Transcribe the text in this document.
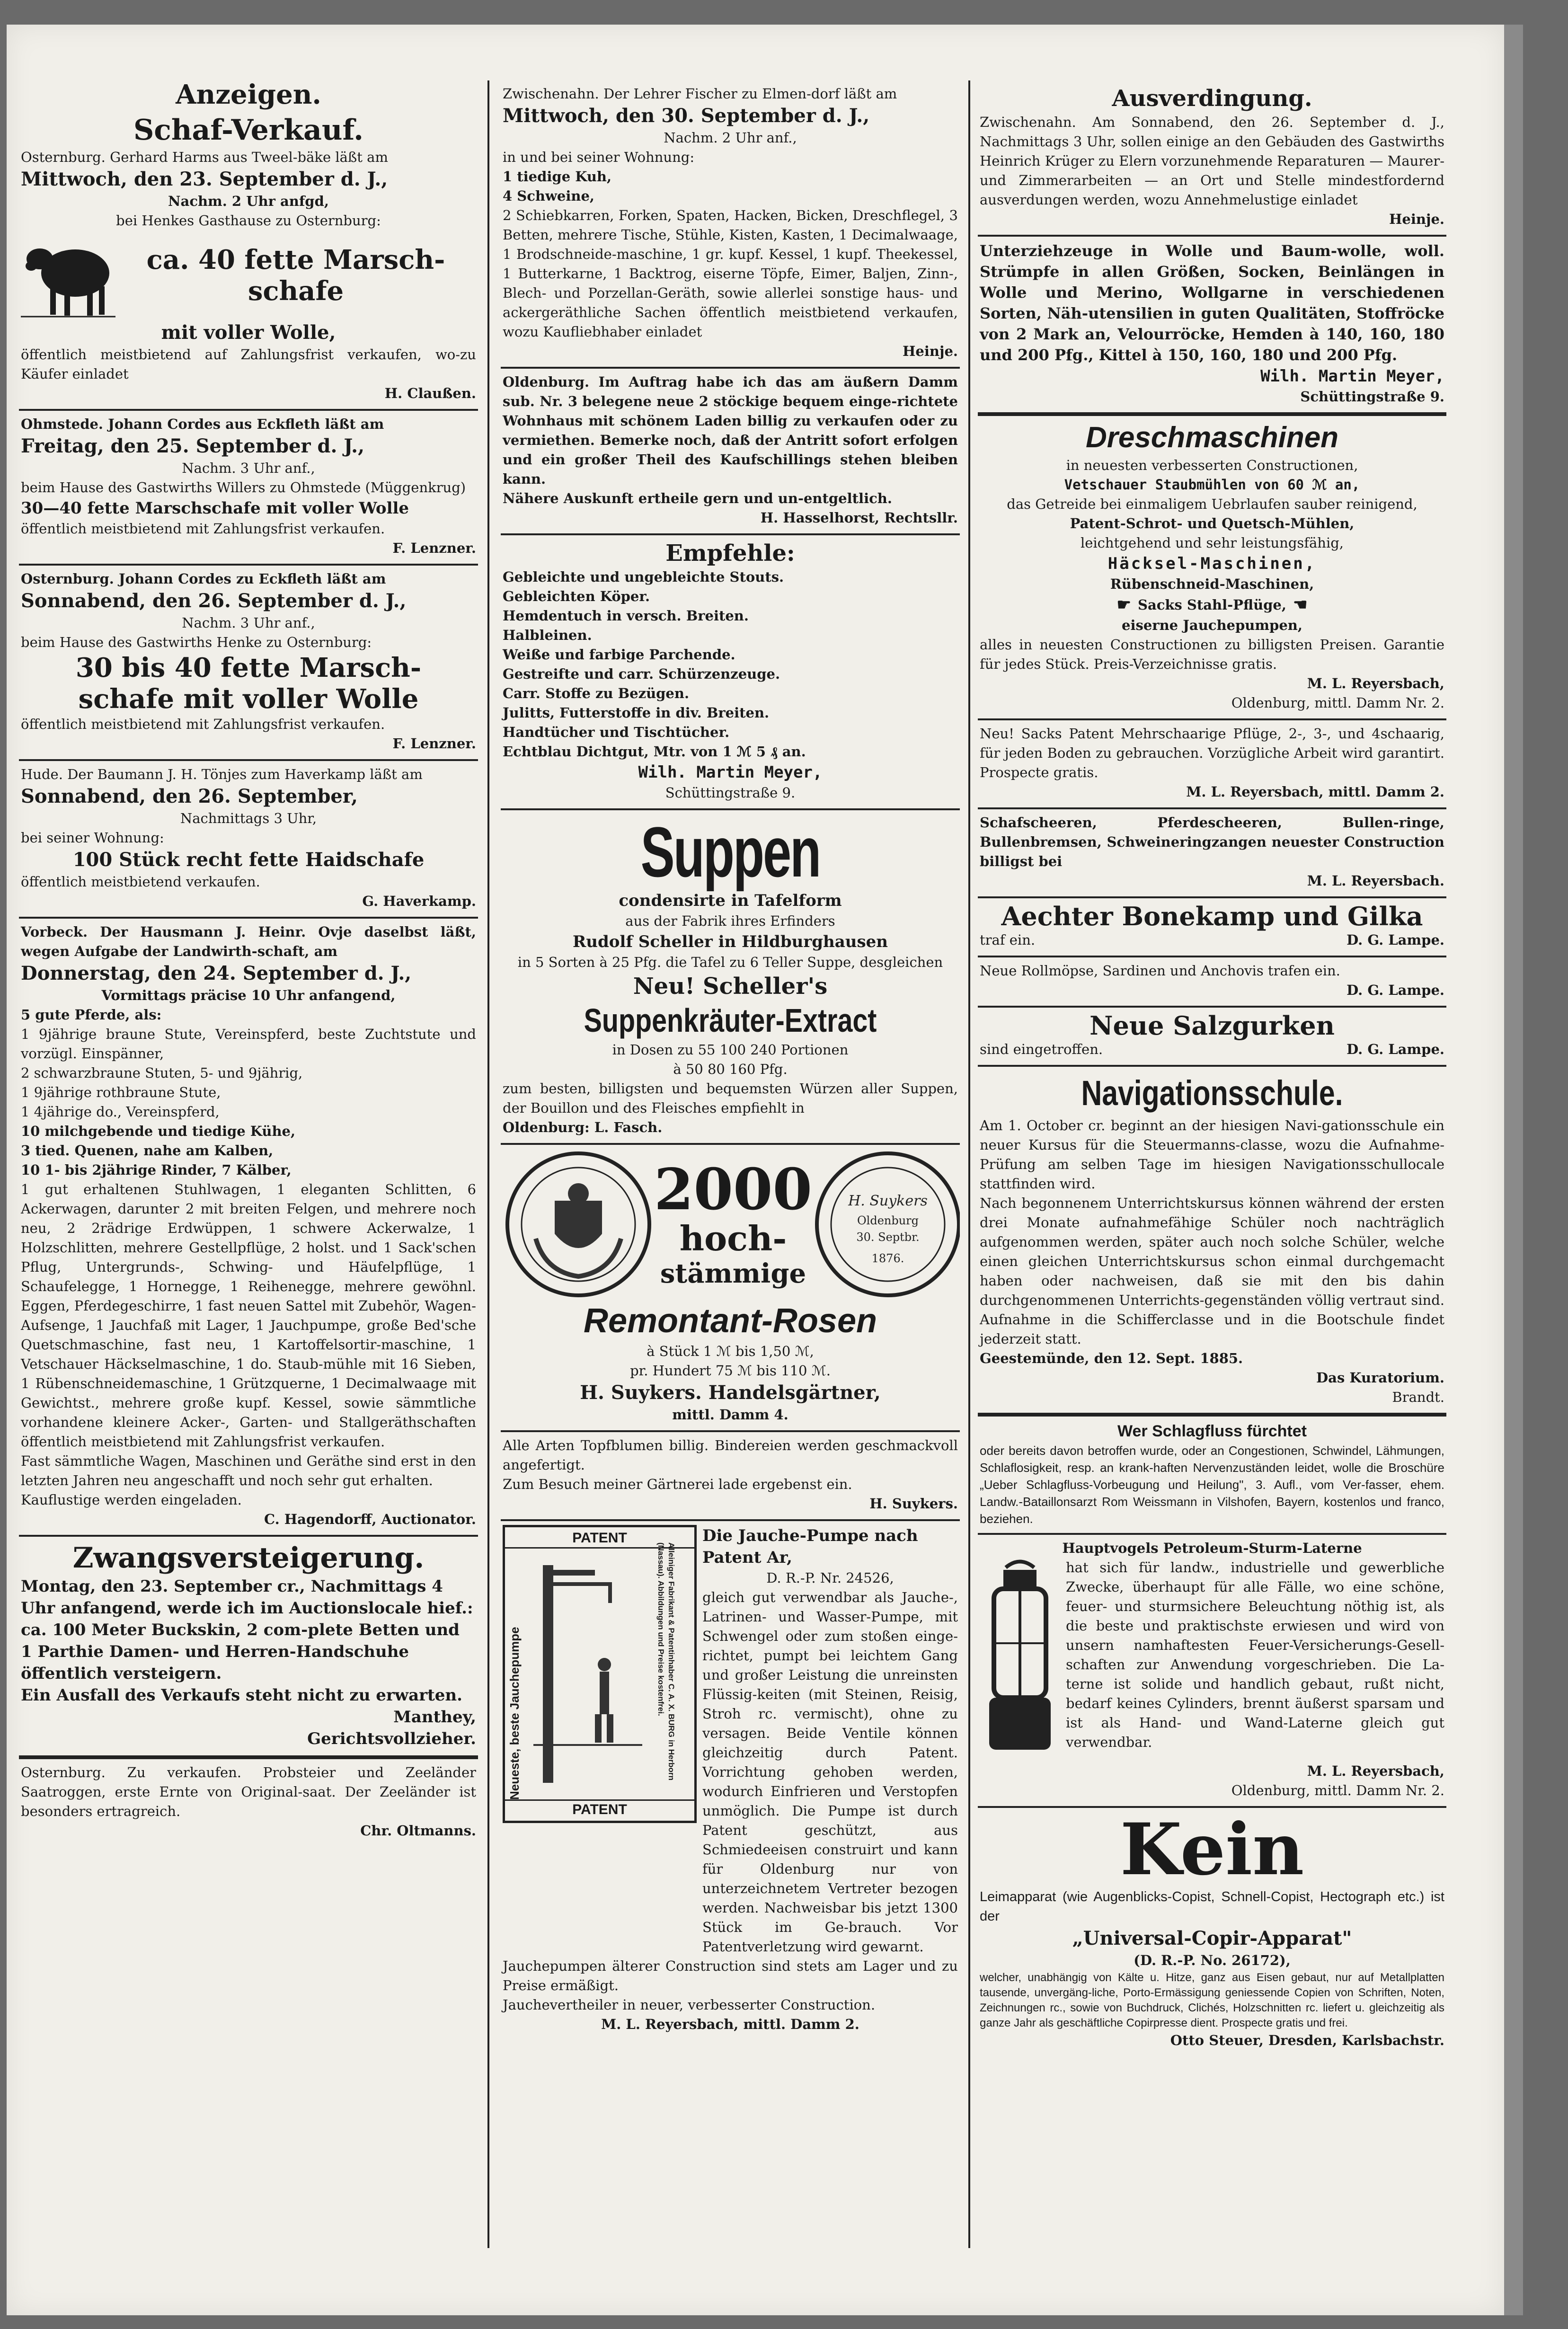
Anzeigen.

Schaf-Verkauf.

Osternburg. Gerhard Harms aus Tweel-bäke läßt am

Mittwoch, den 23. September d. J.,

Nachm. 2 Uhr anfgd,

bei Henkes Gasthause zu Osternburg:

ca. 40 fette Marsch-

schafe

mit voller Wolle,

öffentlich meistbietend auf Zahlungsfrist verkaufen, wo-zu Käufer einladet

H. Claußen.

Ohmstede. Johann Cordes aus Eckfleth läßt am

Freitag, den 25. September d. J.,

Nachm. 3 Uhr anf.,

beim Hause des Gastwirths Willers zu Ohmstede (Müggenkrug)

30—40 fette Marschschafe mit voller Wolle

öffentlich meistbietend mit Zahlungsfrist verkaufen.

F. Lenzner.

Osternburg. Johann Cordes zu Eckfleth läßt am

Sonnabend, den 26. September d. J.,

Nachm. 3 Uhr anf.,

beim Hause des Gastwirths Henke zu Osternburg:

30 bis 40 fette Marsch-

schafe mit voller Wolle

öffentlich meistbietend mit Zahlungsfrist verkaufen.

F. Lenzner.

Hude. Der Baumann J. H. Tönjes zum Haverkamp läßt am

Sonnabend, den 26. September,

Nachmittags 3 Uhr,

bei seiner Wohnung:

100 Stück recht fette Haidschafe

öffentlich meistbietend verkaufen.

G. Haverkamp.

Vorbeck. Der Hausmann J. Heinr. Ovje daselbst läßt, wegen Aufgabe der Landwirth-schaft, am

Donnerstag, den 24. September d. J.,

Vormittags präcise 10 Uhr anfangend,

5 gute Pferde, als:

1 9jährige braune Stute, Vereinspferd, beste Zuchtstute und vorzügl. Einspänner,

2 schwarzbraune Stuten, 5- und 9jährig,

1 9jährige rothbraune Stute,

1 4jährige do., Vereinspferd,

10 milchgebende und tiedige Kühe,

3 tied. Quenen, nahe am Kalben,

10 1- bis 2jährige Rinder, 7 Kälber,

1 gut erhaltenen Stuhlwagen, 1 eleganten Schlitten, 6 Ackerwagen, darunter 2 mit breiten Felgen, und mehrere noch neu, 2 2rädrige Erdwüppen, 1 schwere Ackerwalze, 1 Holzschlitten, mehrere Gestellpflüge, 2 holst. und 1 Sack'schen Pflug, Untergrunds-, Schwing- und Häufelpflüge, 1 Schaufelegge, 1 Hornegge, 1 Reihenegge, mehrere gewöhnl. Eggen, Pferdegeschirre, 1 fast neuen Sattel mit Zubehör, Wagen-Aufsenge, 1 Jauchfaß mit Lager, 1 Jauchpumpe, große Bed'sche Quetschmaschine, fast neu, 1 Kartoffelsortir-maschine, 1 Vetschauer Häckselmaschine, 1 do. Staub-mühle mit 16 Sieben, 1 Rübenschneidemaschine, 1 Grützquerne, 1 Decimalwaage mit Gewichtst., mehrere große kupf. Kessel, sowie sämmtliche vorhandene kleinere Acker-, Garten- und Stallgeräthschaften öffentlich meistbietend mit Zahlungsfrist verkaufen.

Fast sämmtliche Wagen, Maschinen und Geräthe sind erst in den letzten Jahren neu angeschafft und noch sehr gut erhalten.

Kauflustige werden eingeladen.

C. Hagendorff, Auctionator.

Zwangsversteigerung.

Montag, den 23. September cr., Nachmittags 4 Uhr anfangend, werde ich im Auctionslocale hief.:

ca. 100 Meter Buckskin, 2 com-plete Betten und 1 Parthie Damen- und Herren-Handschuhe

öffentlich versteigern.

Ein Ausfall des Verkaufs steht nicht zu erwarten.

Manthey,

Gerichtsvollzieher.

Osternburg. Zu verkaufen. Probsteier und Zeeländer Saatroggen, erste Ernte von Original-saat. Der Zeeländer ist besonders ertragreich.

Chr. Oltmanns.

Zwischenahn. Der Lehrer Fischer zu Elmen-dorf läßt am

Mittwoch, den 30. September d. J.,

Nachm. 2 Uhr anf.,

in und bei seiner Wohnung:

1 tiedige Kuh,

4 Schweine,

2 Schiebkarren, Forken, Spaten, Hacken, Bicken, Dreschflegel, 3 Betten, mehrere Tische, Stühle, Kisten, Kasten, 1 Decimalwaage, 1 Brodschneide-maschine, 1 gr. kupf. Kessel, 1 kupf. Theekessel, 1 Butterkarne, 1 Backtrog, eiserne Töpfe, Eimer, Baljen, Zinn-, Blech- und Porzellan-Geräth, sowie allerlei sonstige haus- und ackergeräthliche Sachen öffentlich meistbietend verkaufen, wozu Kaufliebhaber einladet

Heinje.

Oldenburg. Im Auftrag habe ich das am äußern Damm sub. Nr. 3 belegene neue 2 stöckige bequem einge-richtete Wohnhaus mit schönem Laden billig zu verkaufen oder zu vermiethen. Bemerke noch, daß der Antritt sofort erfolgen und ein großer Theil des Kaufschillings stehen bleiben kann.

Nähere Auskunft ertheile gern und un-entgeltlich.

H. Hasselhorst, Rechtsllr.

Empfehle:

Gebleichte und ungebleichte Stouts.

Gebleichten Köper.

Hemdentuch in versch. Breiten.

Halbleinen.

Weiße und farbige Parchende.

Gestreifte und carr. Schürzenzeuge.

Carr. Stoffe zu Bezügen.

Julitts, Futterstoffe in div. Breiten.

Handtücher und Tischtücher.

Echtblau Dichtgut, Mtr. von 1 ℳ 5 ₰ an.

Wilh. Martin Meyer,

Schüttingstraße 9.

Suppen

condensirte in Tafelform

aus der Fabrik ihres Erfinders

Rudolf Scheller in Hildburghausen

in 5 Sorten à 25 Pfg. die Tafel zu 6 Teller Suppe, desgleichen

Neu! Scheller's

Suppenkräuter-Extract

in Dosen zu 55 100 240 Portionen

à 50 80 160 Pfg.

zum besten, billigsten und bequemsten Würzen aller Suppen, der Bouillon und des Fleisches empfiehlt in

Oldenburg: L. Fasch.

2000

hoch-

stämmige

H. Suykers
Oldenburg
30. Septbr.
1876.

Remontant-Rosen

à Stück 1 ℳ bis 1,50 ℳ,

pr. Hundert 75 ℳ bis 110 ℳ.

H. Suykers. Handelsgärtner,

mittl. Damm 4.

Alle Arten Topfblumen billig. Bindereien werden geschmackvoll angefertigt.

Zum Besuch meiner Gärtnerei lade ergebenst ein.

H. Suykers.

PATENT

PATENT

Neueste, beste Jauchepumpe	Alleiniger Fabrikant & Patentinhaber C. A. X. BURG in Herborn (Nassau). Abbildungen und Preise kostenfrei.

Die Jauche-Pumpe nach Patent Ar,

D. R.-P. Nr. 24526,

gleich gut verwendbar als Jauche-, Latrinen- und Wasser-Pumpe, mit Schwengel oder zum stoßen einge-richtet, pumpt bei leichtem Gang und großer Leistung die unreinsten Flüssig-keiten (mit Steinen, Reisig, Stroh rc. vermischt), ohne zu versagen. Beide Ventile können gleichzeitig durch Patent. Vorrichtung gehoben werden, wodurch Einfrieren und Verstopfen unmöglich. Die Pumpe ist durch Patent geschützt, aus Schmiedeeisen construirt und kann für Oldenburg nur von unterzeichnetem Vertreter bezogen werden. Nachweisbar bis jetzt 1300 Stück im Ge-brauch. Vor Patentverletzung wird gewarnt.

Jauchepumpen älterer Construction sind stets am Lager und zu Preise ermäßigt.

Jauchevertheiler in neuer, verbesserter Construction.

M. L. Reyersbach, mittl. Damm 2.

Ausverdingung.

Zwischenahn. Am Sonnabend, den 26. September d. J., Nachmittags 3 Uhr, sollen einige an den Gebäuden des Gastwirths Heinrich Krüger zu Elern vorzunehmende Reparaturen — Maurer- und Zimmerarbeiten — an Ort und Stelle mindestfordernd ausverdungen werden, wozu Annehmelustige einladet

Heinje.

Unterziehzeuge in Wolle und Baum-wolle, woll. Strümpfe in allen Größen, Socken, Beinlängen in Wolle und Merino, Wollgarne in verschiedenen Sorten, Näh-utensilien in guten Qualitäten, Stoffröcke von 2 Mark an, Velourröcke, Hemden à 140, 160, 180 und 200 Pfg., Kittel à 150, 160, 180 und 200 Pfg.

Wilh. Martin Meyer,

Schüttingstraße 9.

Dreschmaschinen

in neuesten verbesserten Constructionen,

Vetschauer Staubmühlen von 60 ℳ an,

das Getreide bei einmaligem Uebrlaufen sauber reinigend,

Patent-Schrot- und Quetsch-Mühlen,

leichtgehend und sehr leistungsfähig,

Häcksel-Maschinen,

Rübenschneid-Maschinen,

☛ Sacks Stahl-Pflüge, ☚

eiserne Jauchepumpen,

alles in neuesten Constructionen zu billigsten Preisen. Garantie für jedes Stück. Preis-Verzeichnisse gratis.

M. L. Reyersbach,

Oldenburg, mittl. Damm Nr. 2.

Neu! Sacks Patent Mehrschaarige Pflüge, 2-, 3-, und 4schaarig, für jeden Boden zu gebrauchen. Vorzügliche Arbeit wird garantirt. Prospecte gratis.

M. L. Reyersbach, mittl. Damm 2.

Schafscheeren, Pferdescheeren, Bullen-ringe, Bullenbremsen, Schweineringzangen neuester Construction billigst bei

M. L. Reyersbach.

Aechter Bonekamp und Gilka

traf ein.	D. G. Lampe.

Neue Rollmöpse, Sardinen und Anchovis trafen ein.

D. G. Lampe.

Neue Salzgurken

sind eingetroffen.	D. G. Lampe.

Navigationsschule.

Am 1. October cr. beginnt an der hiesigen Navi-gationsschule ein neuer Kursus für die Steuermanns-classe, wozu die Aufnahme-Prüfung am selben Tage im hiesigen Navigationsschullocale stattfinden wird.

Nach begonnenem Unterrichtskursus können während der ersten drei Monate aufnahmefähige Schüler noch nachträglich aufgenommen werden, später auch noch solche Schüler, welche einen gleichen Unterrichtskursus schon einmal durchgemacht haben oder nachweisen, daß sie mit den bis dahin durchgenommenen Unterrichts-gegenständen völlig vertraut sind. Aufnahme in die Schifferclasse und in die Bootschule findet jederzeit statt.

Geestemünde, den 12. Sept. 1885.

Das Kuratorium.

Brandt.

Wer Schlagfluss fürchtet

oder bereits davon betroffen wurde, oder an Congestionen, Schwindel, Lähmungen, Schlaflosigkeit, resp. an krank-haften Nervenzuständen leidet, wolle die Broschüre „Ueber Schlagfluss-Vorbeugung und Heilung", 3. Aufl., vom Ver-fasser, ehem. Landw.-Bataillonsarzt Rom Weissmann in Vilshofen, Bayern, kostenlos und franco, beziehen.

Hauptvogels Petroleum-Sturm-Laterne

hat sich für landw., industrielle und gewerbliche Zwecke, überhaupt für alle Fälle, wo eine schöne, feuer- und sturmsichere Beleuchtung nöthig ist, als die beste und praktischste erwiesen und wird von unsern namhaftesten Feuer-Versicherungs-Gesell-schaften zur Anwendung vorgeschrieben. Die La-terne ist solide und handlich gebaut, rußt nicht, bedarf keines Cylinders, brennt äußerst sparsam und ist als Hand- und Wand-Laterne gleich gut verwendbar.

M. L. Reyersbach,

Oldenburg, mittl. Damm Nr. 2.

Kein

Leimapparat (wie Augenblicks-Copist, Schnell-Copist, Hectograph etc.) ist der

„Universal-Copir-Apparat"

(D. R.-P. No. 26172),

welcher, unabhängig von Kälte u. Hitze, ganz aus Eisen gebaut, nur auf Metallplatten tausende, unvergäng-liche, Porto-Ermässigung geniessende Copien von Schriften, Noten, Zeichnungen rc., sowie von Buchdruck, Clichés, Holzschnitten rc. liefert u. gleichzeitig als ganze Jahr als geschäftliche Copirpresse dient. Prospecte gratis und frei.

Otto Steuer, Dresden, Karlsbachstr.
